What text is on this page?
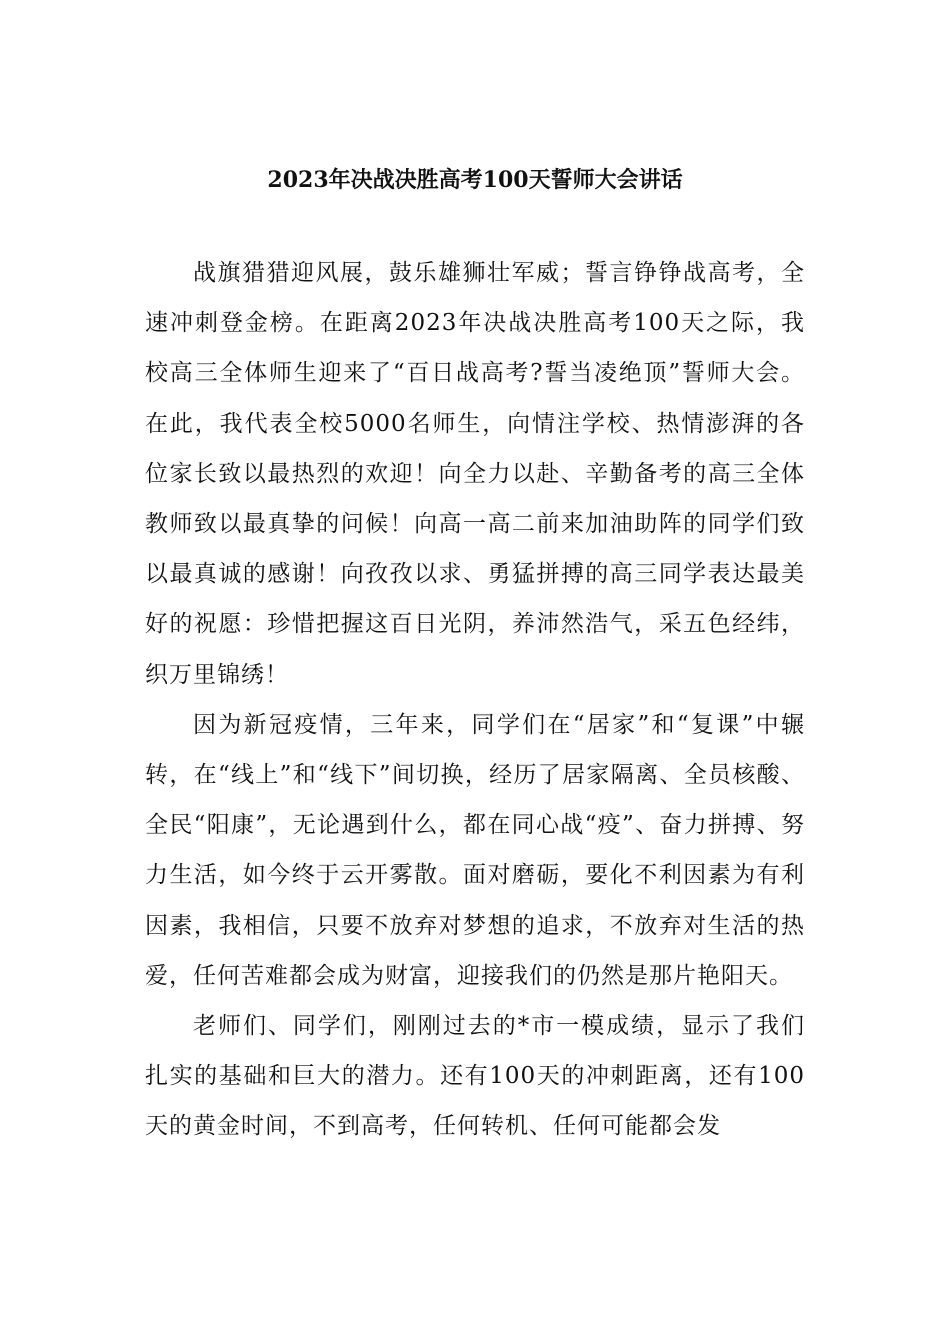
2023年决战决胜高考100天誓师大会讲话

战旗猎猎迎风展，鼓乐雄狮壮军威；誓言铮铮战高考，全速冲刺登金榜。在距离2023年决战决胜高考100天之际，我校高三全体师生迎来了“百日战高考?誓当凌绝顶”誓师大会。在此，我代表全校5000名师生，向情注学校、热情澎湃的各位家长致以最热烈的欢迎！向全力以赴、辛勤备考的高三全体教师致以最真挚的问候！向高一高二前来加油助阵的同学们致以最真诚的感谢！向孜孜以求、勇猛拼搏的高三同学表达最美好的祝愿：珍惜把握这百日光阴，养沛然浩气，采五色经纬，织万里锦绣！

因为新冠疫情，三年来，同学们在“居家”和“复课”中辗转，在“线上”和“线下”间切换，经历了居家隔离、全员核酸、全民“阳康”，无论遇到什么，都在同心战“疫”、奋力拼搏、努力生活，如今终于云开雾散。面对磨砺，要化不利因素为有利因素，我相信，只要不放弃对梦想的追求，不放弃对生活的热爱，任何苦难都会成为财富，迎接我们的仍然是那片艳阳天。

老师们、同学们，刚刚过去的*市一模成绩，显示了我们扎实的基础和巨大的潜力。还有100天的冲刺距离，还有100天的黄金时间，不到高考，任何转机、任何可能都会发
